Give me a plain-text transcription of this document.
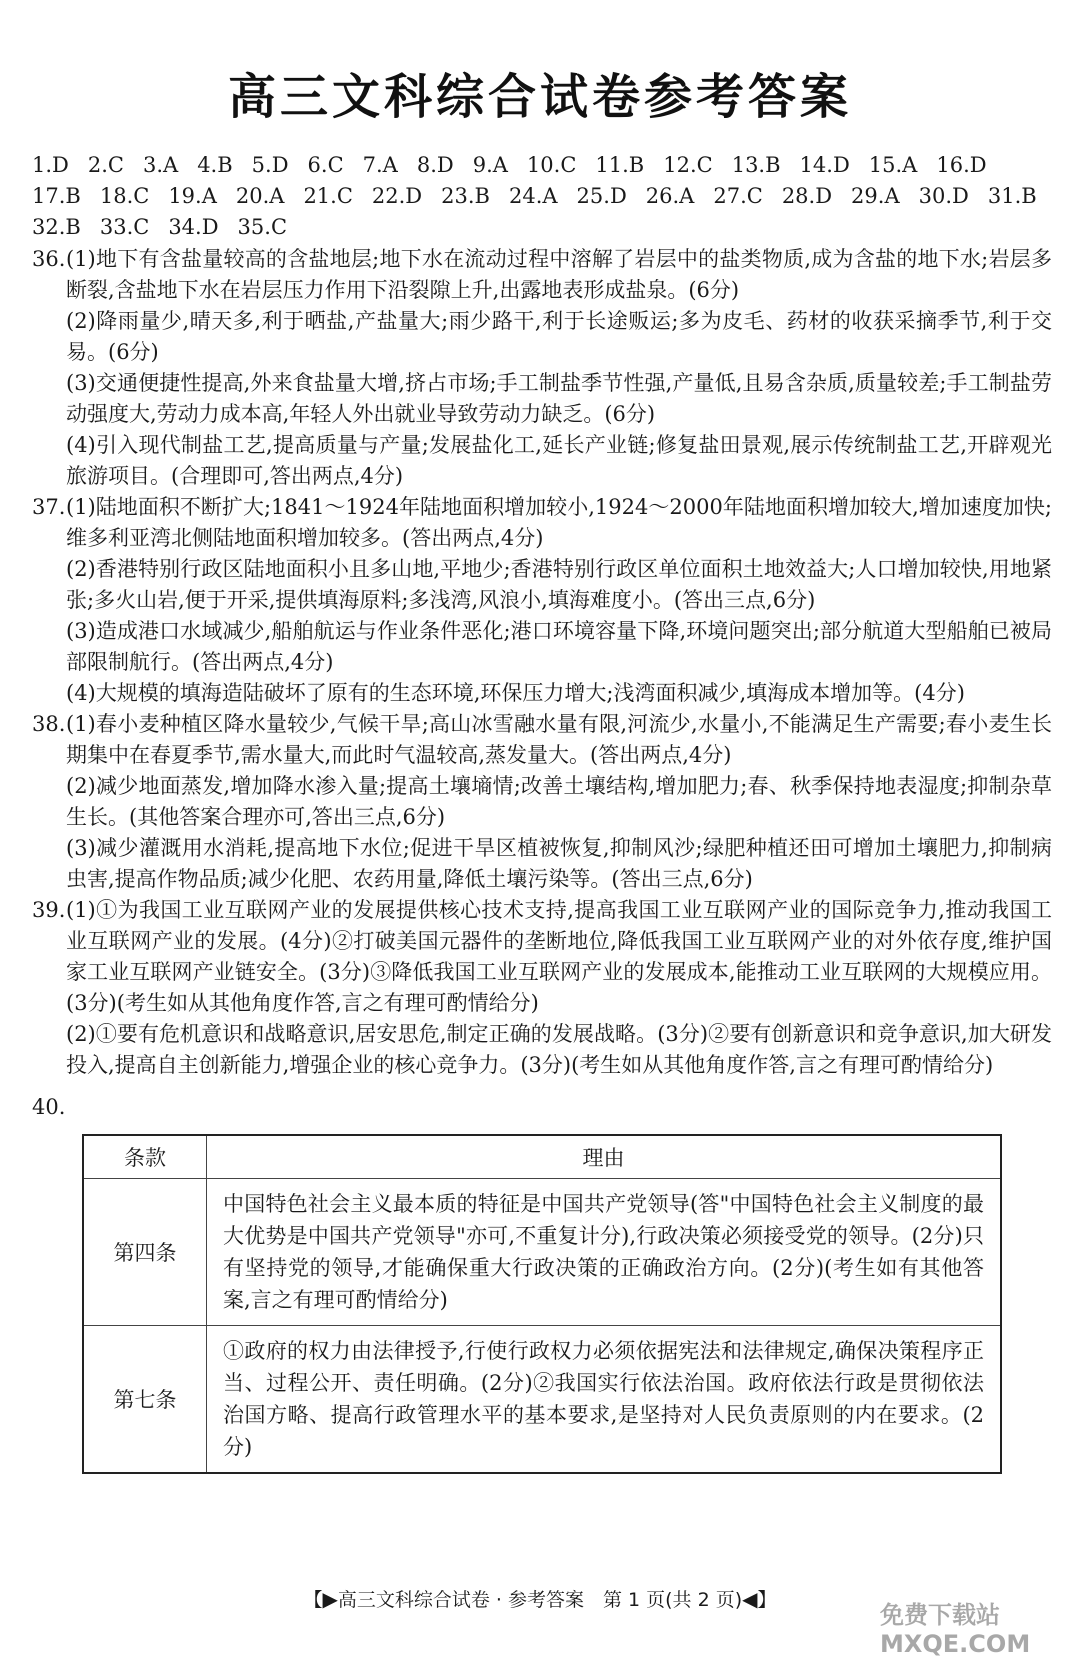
高三文科综合试卷参考答案
1.D 2.C 3.A 4.B 5.D 6.C 7.A 8.D 9.A 10.C 11.B 12.C 13.B 14.D 15.A 16.D
17.B 18.C 19.A 20.A 21.C 22.D 23.B 24.A 25.D 26.A 27.C 28.D 29.A 30.D 31.B
32.B 33.C 34.D 35.C
36. (1)地下有含盐量较高的含盐地层;地下水在流动过程中溶解了岩层中的盐类物质,成为含盐的地下水;岩层多断裂,含盐地下水在岩层压力作用下沿裂隙上升,出露地表形成盐泉。(6分)

(2)降雨量少,晴天多,利于晒盐,产盐量大;雨少路干,利于长途贩运;多为皮毛、药材的收获采摘季节,利于交易。(6分)

(3)交通便捷性提高,外来食盐量大增,挤占市场;手工制盐季节性强,产量低,且易含杂质,质量较差;手工制盐劳动强度大,劳动力成本高,年轻人外出就业导致劳动力缺乏。(6分)

(4)引入现代制盐工艺,提高质量与产量;发展盐化工,延长产业链;修复盐田景观,展示传统制盐工艺,开辟观光旅游项目。(合理即可,答出两点,4分)

37. (1)陆地面积不断扩大;1841～1924年陆地面积增加较小,1924～2000年陆地面积增加较大,增加速度加快;维多利亚湾北侧陆地面积增加较多。(答出两点,4分)

(2)香港特别行政区陆地面积小且多山地,平地少;香港特别行政区单位面积土地效益大;人口增加较快,用地紧张;多火山岩,便于开采,提供填海原料;多浅湾,风浪小,填海难度小。(答出三点,6分)

(3)造成港口水域减少,船舶航运与作业条件恶化;港口环境容量下降,环境问题突出;部分航道大型船舶已被局部限制航行。(答出两点,4分)

(4)大规模的填海造陆破坏了原有的生态环境,环保压力增大;浅湾面积减少,填海成本增加等。(4分)

38. (1)春小麦种植区降水量较少,气候干旱;高山冰雪融水量有限,河流少,水量小,不能满足生产需要;春小麦生长期集中在春夏季节,需水量大,而此时气温较高,蒸发量大。(答出两点,4分)

(2)减少地面蒸发,增加降水渗入量;提高土壤墒情;改善土壤结构,增加肥力;春、秋季保持地表湿度;抑制杂草生长。(其他答案合理亦可,答出三点,6分)

(3)减少灌溉用水消耗,提高地下水位;促进干旱区植被恢复,抑制风沙;绿肥种植还田可增加土壤肥力,抑制病虫害,提高作物品质;减少化肥、农药用量,降低土壤污染等。(答出三点,6分)

39. (1)①为我国工业互联网产业的发展提供核心技术支持,提高我国工业互联网产业的国际竞争力,推动我国工业互联网产业的发展。(4分)②打破美国元器件的垄断地位,降低我国工业互联网产业的对外依存度,维护国家工业互联网产业链安全。(3分)③降低我国工业互联网产业的发展成本,能推动工业互联网的大规模应用。(3分)(考生如从其他角度作答,言之有理可酌情给分)

(2)①要有危机意识和战略意识,居安思危,制定正确的发展战略。(3分)②要有创新意识和竞争意识,加大研发投入,提高自主创新能力,增强企业的核心竞争力。(3分)(考生如从其他角度作答,言之有理可酌情给分)

40.
条款	理由
第四条	中国特色社会主义最本质的特征是中国共产党领导(答"中国特色社会主义制度的最大优势是中国共产党领导"亦可,不重复计分),行政决策必须接受党的领导。(2分)只有坚持党的领导,才能确保重大行政决策的正确政治方向。(2分)(考生如有其他答案,言之有理可酌情给分)
第七条	①政府的权力由法律授予,行使行政权力必须依据宪法和法律规定,确保决策程序正当、过程公开、责任明确。(2分)②我国实行依法治国。政府依法行政是贯彻依法治国方略、提高行政管理水平的基本要求,是坚持对人民负责原则的内在要求。(2分)
【▶高三文科综合试卷 · 参考答案　第 1 页(共 2 页)◀】
免费下载站 MXQE.COM
